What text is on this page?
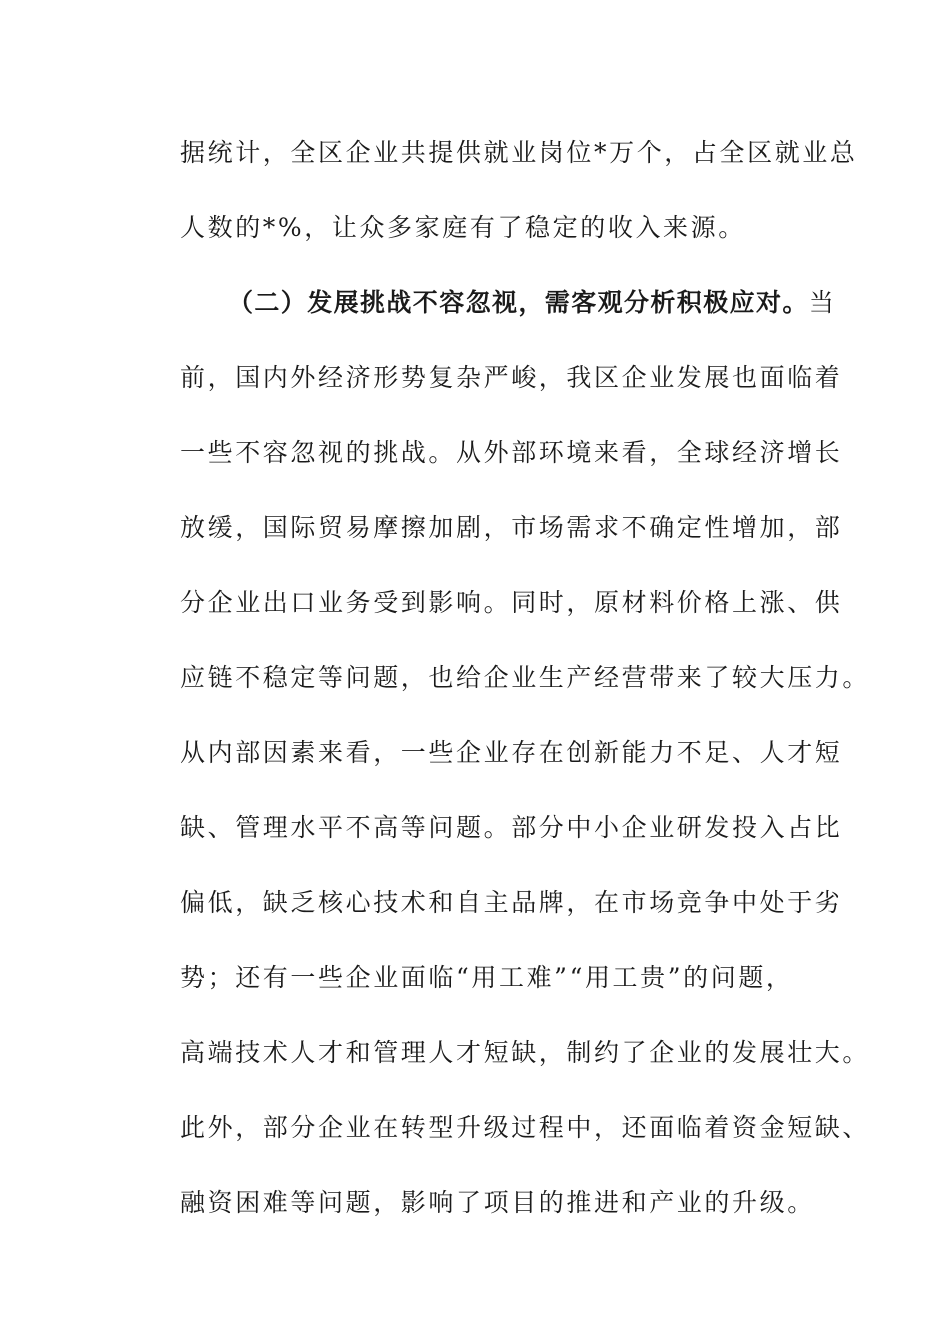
据统计，全区企业共提供就业岗位*万个，占全区就业总
人数的*%，让众多家庭有了稳定的收入来源。
（二）发展挑战不容忽视，需客观分析积极应对。当
前，国内外经济形势复杂严峻，我区企业发展也面临着
一些不容忽视的挑战。从外部环境来看，全球经济增长
放缓，国际贸易摩擦加剧，市场需求不确定性增加，部
分企业出口业务受到影响。同时，原材料价格上涨、供
应链不稳定等问题，也给企业生产经营带来了较大压力。
从内部因素来看，一些企业存在创新能力不足、人才短
缺、管理水平不高等问题。部分中小企业研发投入占比
偏低，缺乏核心技术和自主品牌，在市场竞争中处于劣
势；还有一些企业面临“用工难”“用工贵”的问题，
高端技术人才和管理人才短缺，制约了企业的发展壮大。
此外，部分企业在转型升级过程中，还面临着资金短缺、
融资困难等问题，影响了项目的推进和产业的升级。
